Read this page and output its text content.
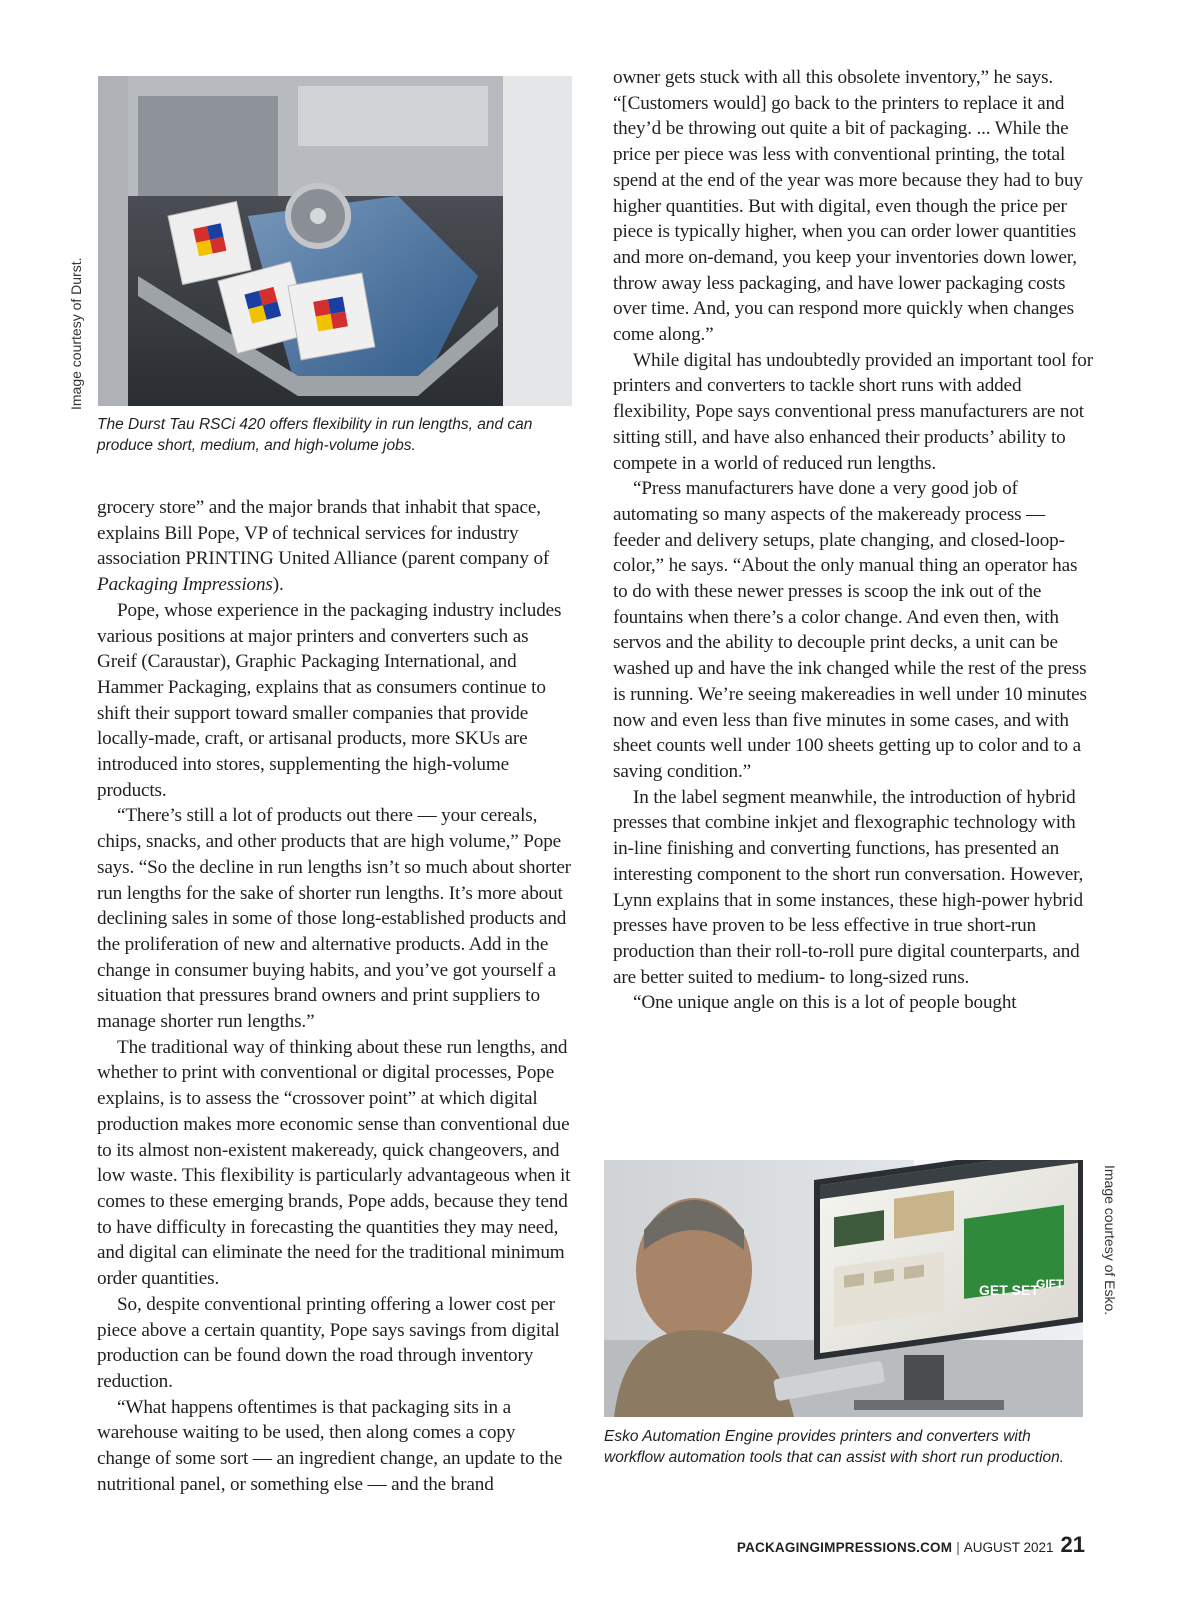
Image courtesy of Durst.
The Durst Tau RSCi 420 offers flexibility in run lengths, and can produce short, medium, and high-volume jobs.

grocery store” and the major brands that inhabit that space, explains Bill Pope, VP of technical services for industry association PRINTING United Alliance (parent company of Packaging Impressions).

Pope, whose experience in the packaging industry includes various positions at major printers and converters such as Greif (Caraustar), Graphic Packaging International, and Hammer Packaging, explains that as consumers continue to shift their support toward smaller companies that provide locally-made, craft, or artisanal products, more SKUs are introduced into stores, supplementing the high-volume products.

“There’s still a lot of products out there — your cereals, chips, snacks, and other products that are high volume,” Pope says. “So the decline in run lengths isn’t so much about shorter run lengths for the sake of shorter run lengths. It’s more about declining sales in some of those long-established products and the proliferation of new and alternative products. Add in the change in consumer buying habits, and you’ve got yourself a situation that pressures brand owners and print suppliers to manage shorter run lengths.”

The traditional way of thinking about these run lengths, and whether to print with conventional or digital processes, Pope explains, is to assess the “crossover point” at which digital production makes more economic sense than conventional due to its almost non-existent makeready, quick changeovers, and low waste. This flexibility is particularly advantageous when it comes to these emerging brands, Pope adds, because they tend to have difficulty in forecasting the quantities they may need, and digital can eliminate the need for the traditional minimum order quantities.

So, despite conventional printing offering a lower cost per piece above a certain quantity, Pope says savings from digital production can be found down the road through inventory reduction.

“What happens oftentimes is that packaging sits in a warehouse waiting to be used, then along comes a copy change of some sort — an ingredient change, an update to the nutritional panel, or something else — and the brand

owner gets stuck with all this obsolete inventory,” he says. “[Customers would] go back to the printers to replace it and they’d be throwing out quite a bit of packaging. ... While the price per piece was less with conventional printing, the total spend at the end of the year was more because they had to buy higher quantities. But with digital, even though the price per piece is typically higher, when you can order lower quantities and more on-demand, you keep your inventories down lower, throw away less packaging, and have lower packaging costs over time. And, you can respond more quickly when changes come along.”

While digital has undoubtedly provided an important tool for printers and converters to tackle short runs with added flexibility, Pope says conventional press manufacturers are not sitting still, and have also enhanced their products’ ability to compete in a world of reduced run lengths.

“Press manufacturers have done a very good job of automating so many aspects of the makeready process — feeder and delivery setups, plate changing, and closed-loop-color,” he says. “About the only manual thing an operator has to do with these newer presses is scoop the ink out of the fountains when there’s a color change. And even then, with servos and the ability to decouple print decks, a unit can be washed up and have the ink changed while the rest of the press is running. We’re seeing makereadies in well under 10 minutes now and even less than five minutes in some cases, and with sheet counts well under 100 sheets getting up to color and to a saving condition.”

In the label segment meanwhile, the introduction of hybrid presses that combine inkjet and flexographic technology with in-line finishing and converting functions, has presented an interesting component to the short run conversation. However, Lynn explains that in some instances, these high-power hybrid presses have proven to be less effective in true short-run production than their roll-to-roll pure digital counterparts, and are better suited to medium- to long-sized runs.

“One unique angle on this is a lot of people bought

GET SET
GIFT
Esko Automation Engine provides printers and converters with workflow automation tools that can assist with short run production.
Image courtesy of Esko.
PACKAGINGIMPRESSIONS.COM | AUGUST 2021 21
